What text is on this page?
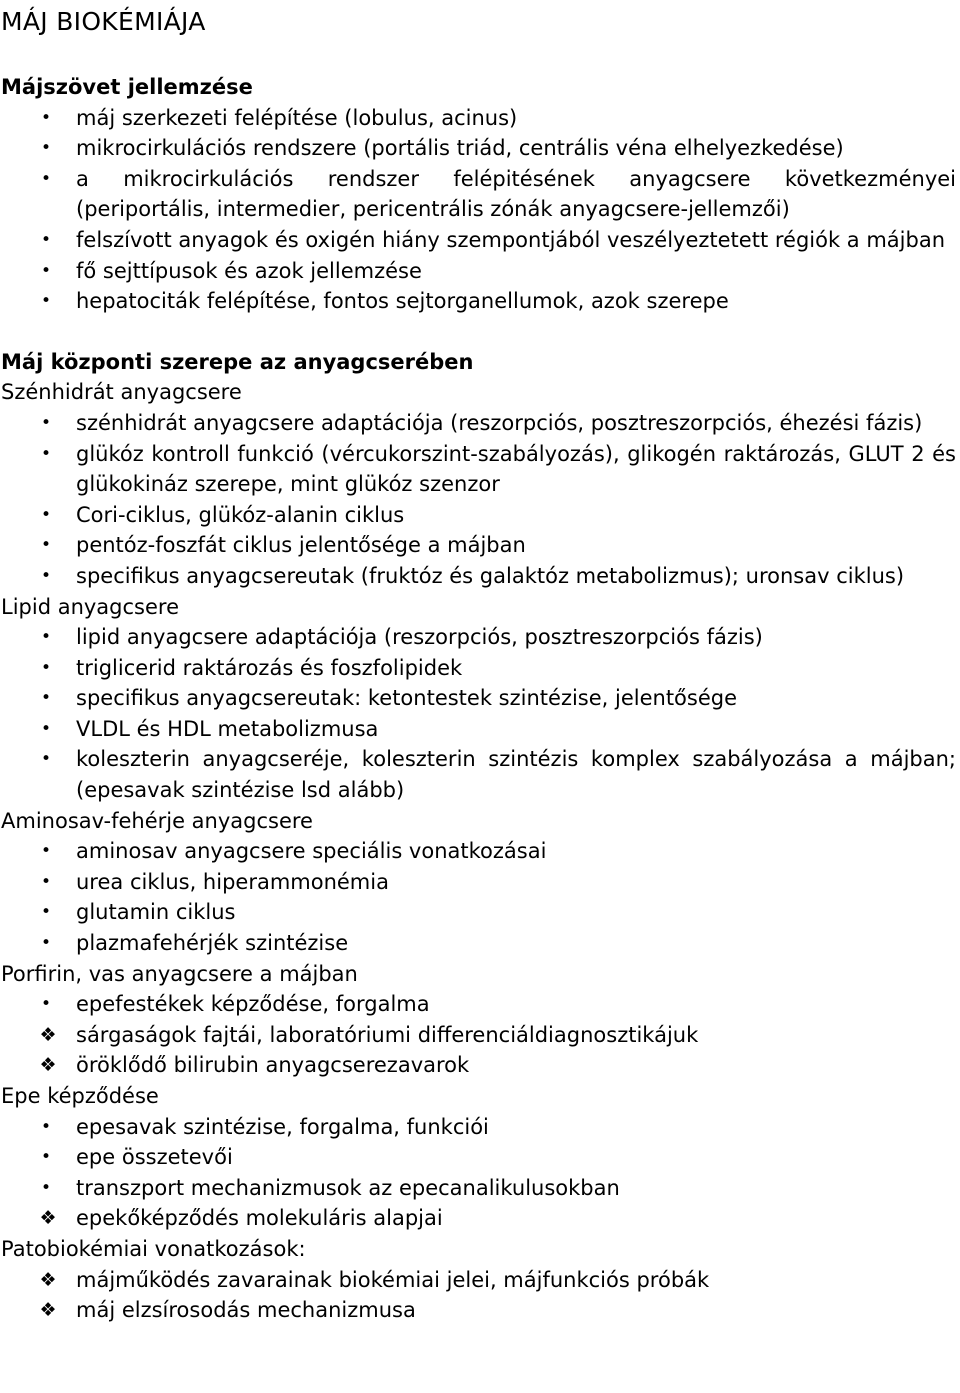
MÁJ BIOKÉMIÁJA
Májszövet jellemzése
•	máj szerkezeti felépítése (lobulus, acinus)
•	mikrocirkulációs rendszere (portális triád, centrális véna elhelyezkedése)
•	a mikrocirkulációs rendszer felépitésének anyagcsere következményei (periportális, intermedier, pericentrális zónák anyagcsere-jellemzői)
•	felszívott anyagok és oxigén hiány szempontjából veszélyeztetett régiók a májban
•	fő sejttípusok és azok jellemzése
•	hepatociták felépítése, fontos sejtorganellumok, azok szerepe
Máj központi szerepe az anyagcserében
Szénhidrát anyagcsere
•	szénhidrát anyagcsere adaptációja (reszorpciós, posztreszorpciós, éhezési fázis)
•	glükóz kontroll funkció (vércukorszint-szabályozás), glikogén raktározás, GLUT 2 és glükokináz szerepe, mint glükóz szenzor
•	Cori-ciklus, glükóz-alanin ciklus
•	pentóz-foszfát ciklus jelentősége a májban
•	specifikus anyagcsereutak (fruktóz és galaktóz metabolizmus); uronsav ciklus)
Lipid anyagcsere
•	lipid anyagcsere adaptációja (reszorpciós, posztreszorpciós fázis)
•	triglicerid raktározás és foszfolipidek
•	specifikus anyagcsereutak: ketontestek szintézise, jelentősége
•	VLDL és HDL metabolizmusa
•	koleszterin anyagcseréje, koleszterin szintézis komplex szabályozása a májban; (epesavak szintézise lsd alább)
Aminosav-fehérje anyagcsere
•	aminosav anyagcsere speciális vonatkozásai
•	urea ciklus, hiperammonémia
•	glutamin ciklus
•	plazmafehérjék szintézise
Porfirin, vas anyagcsere a májban
•	epefestékek képződése, forgalma
❖ sárgaságok fajtái, laboratóriumi differenciáldiagnosztikájuk
❖ öröklődő bilirubin anyagcserezavarok
Epe képződése
•	epesavak szintézise, forgalma, funkciói
•	epe összetevői
•	transzport mechanizmusok az epecanalikulusokban
❖ epekőképződés molekuláris alapjai
Patobiokémiai vonatkozások:
❖ májműködés zavarainak biokémiai jelei, májfunkciós próbák
❖ máj elzsírosodás mechanizmusa
